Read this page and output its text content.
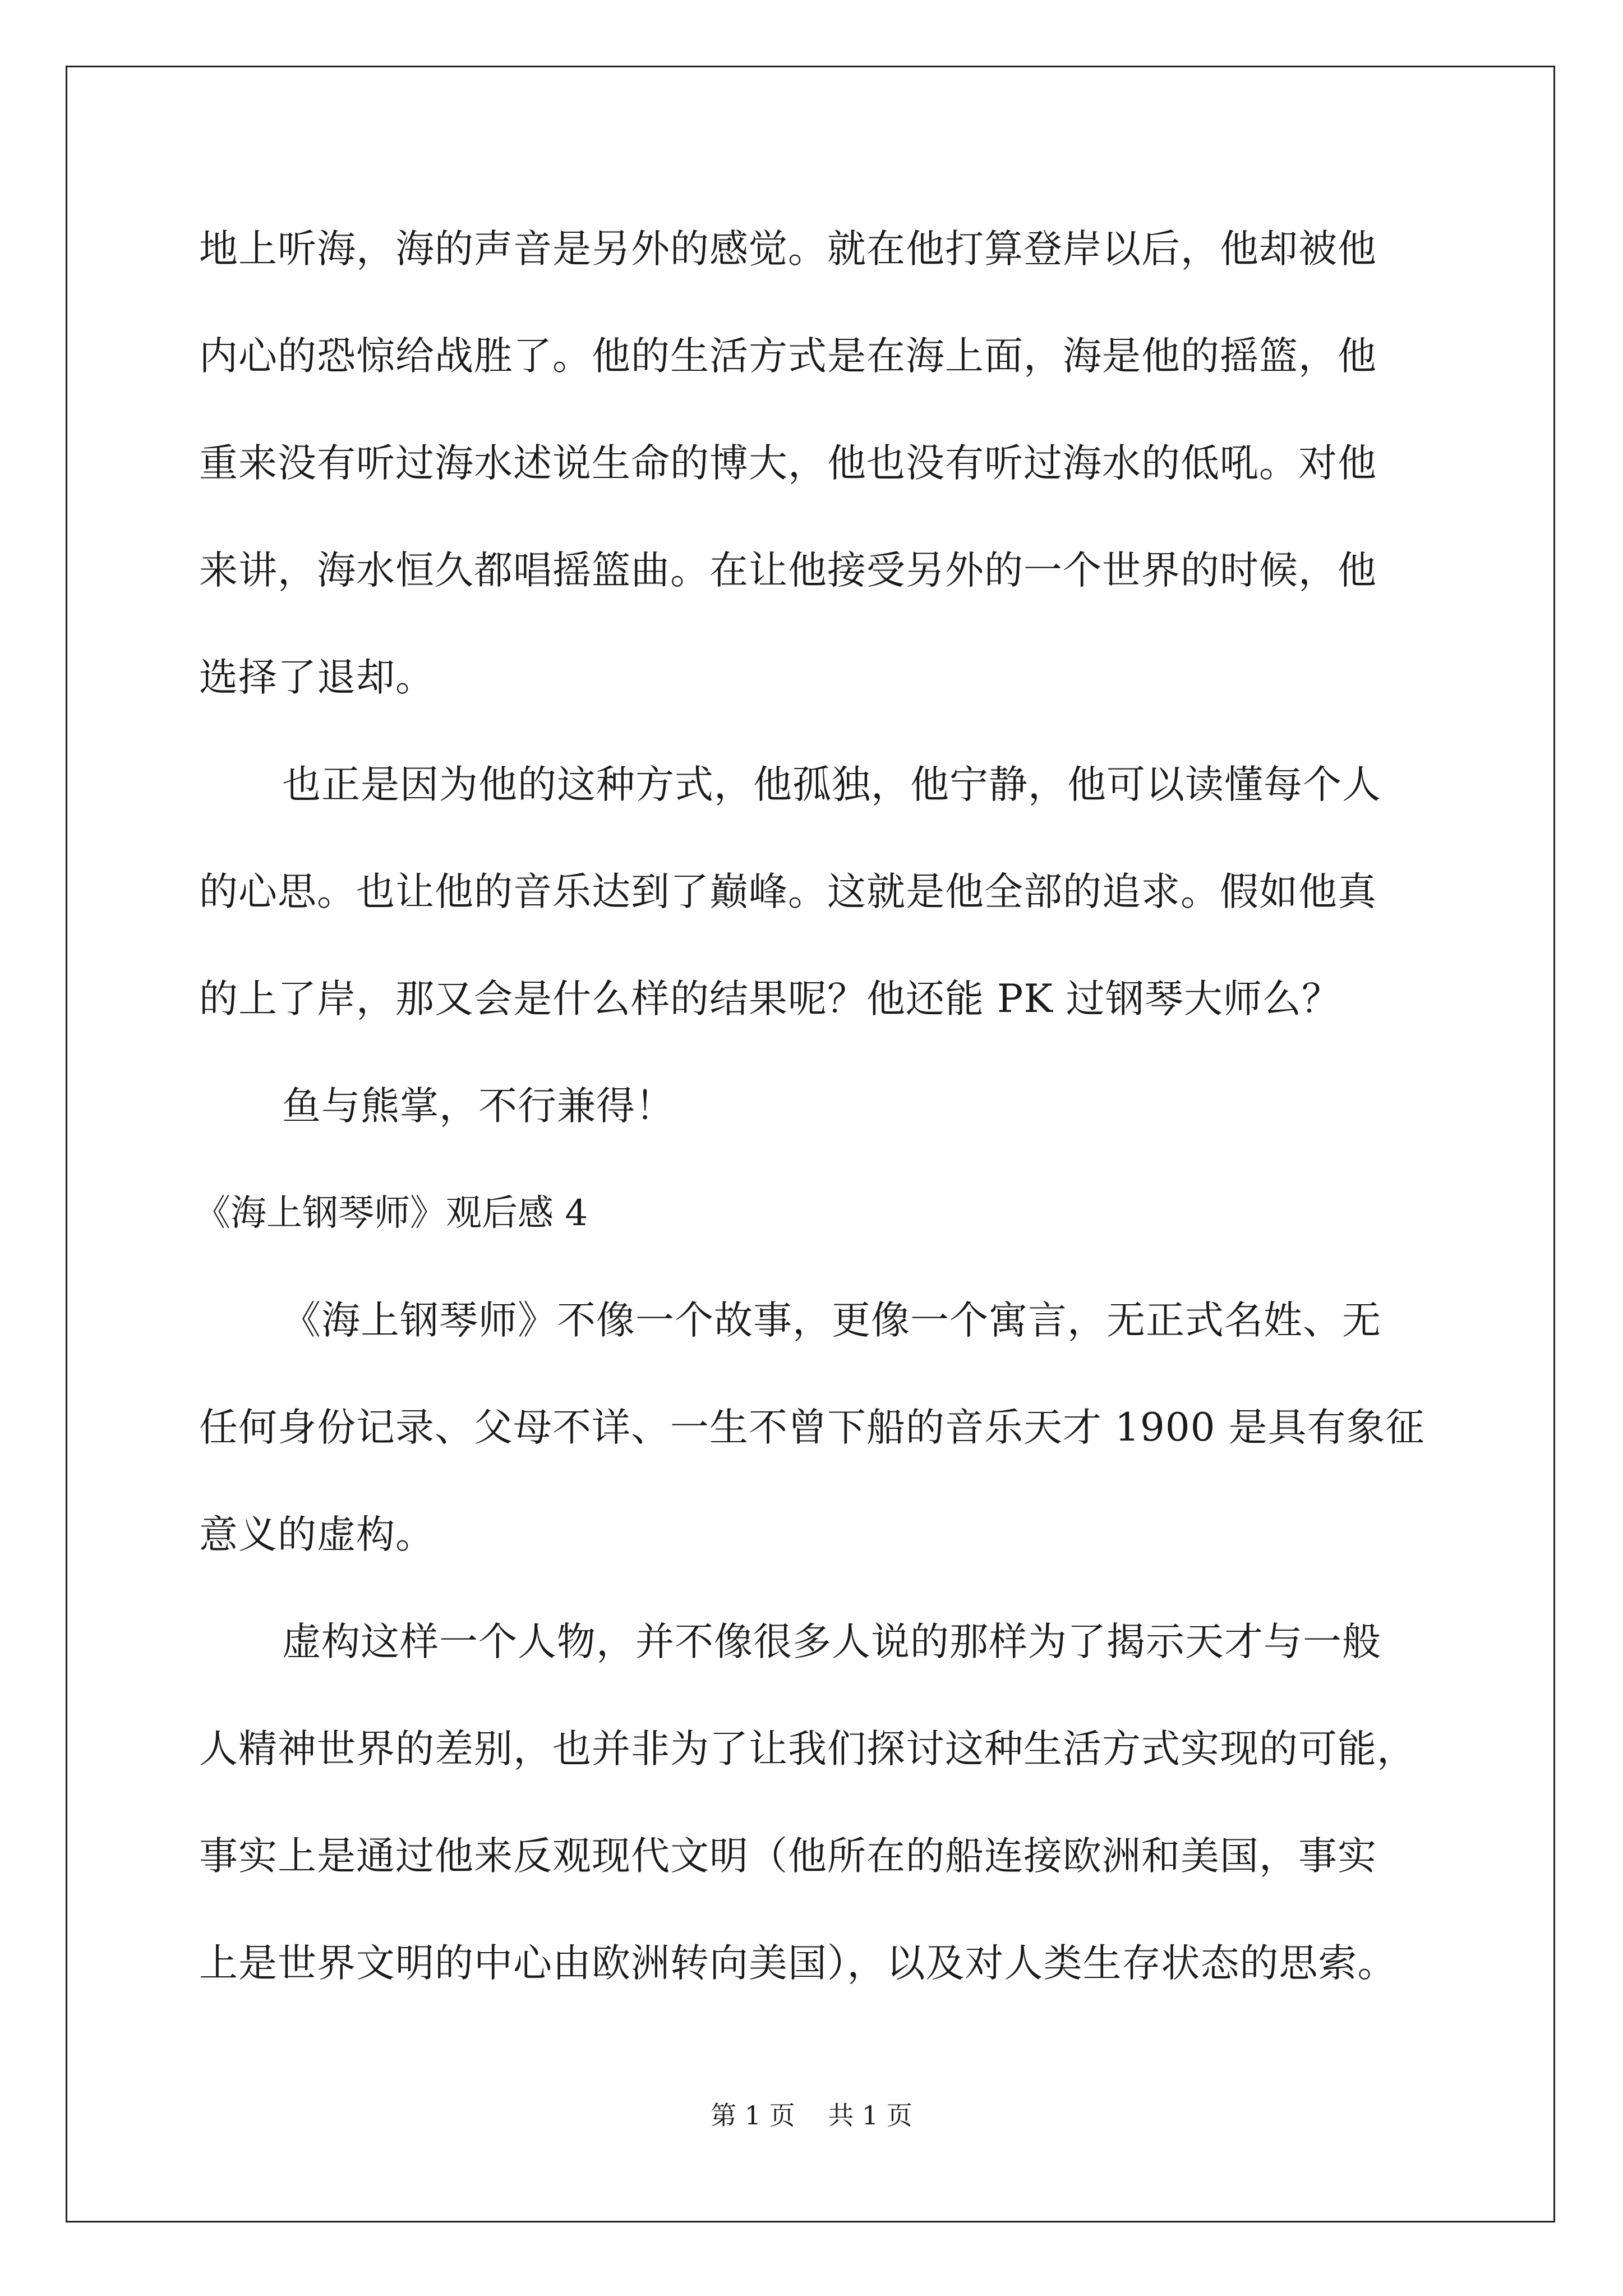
地上听海，海的声音是另外的感觉。就在他打算登岸以后，他却被他
内心的恐惊给战胜了。他的生活方式是在海上面，海是他的摇篮，他
重来没有听过海水述说生命的博大，他也没有听过海水的低吼。对他
来讲，海水恒久都唱摇篮曲。在让他接受另外的一个世界的时候，他
选择了退却。
也正是因为他的这种方式，他孤独，他宁静，他可以读懂每个人
的心思。也让他的音乐达到了巅峰。这就是他全部的追求。假如他真
的上了岸，那又会是什么样的结果呢？他还能 PK 过钢琴大师么？
鱼与熊掌，不行兼得！
《海上钢琴师》观后感 4
《海上钢琴师》不像一个故事，更像一个寓言，无正式名姓、无
任何身份记录、父母不详、一生不曾下船的音乐天才 1900 是具有象征
意义的虚构。
虚构这样一个人物，并不像很多人说的那样为了揭示天才与一般
人精神世界的差别，也并非为了让我们探讨这种生活方式实现的可能，
事实上是通过他来反观现代文明（他所在的船连接欧洲和美国，事实
上是世界文明的中心由欧洲转向美国），以及对人类生存状态的思索。
第 1 页 共 1 页
